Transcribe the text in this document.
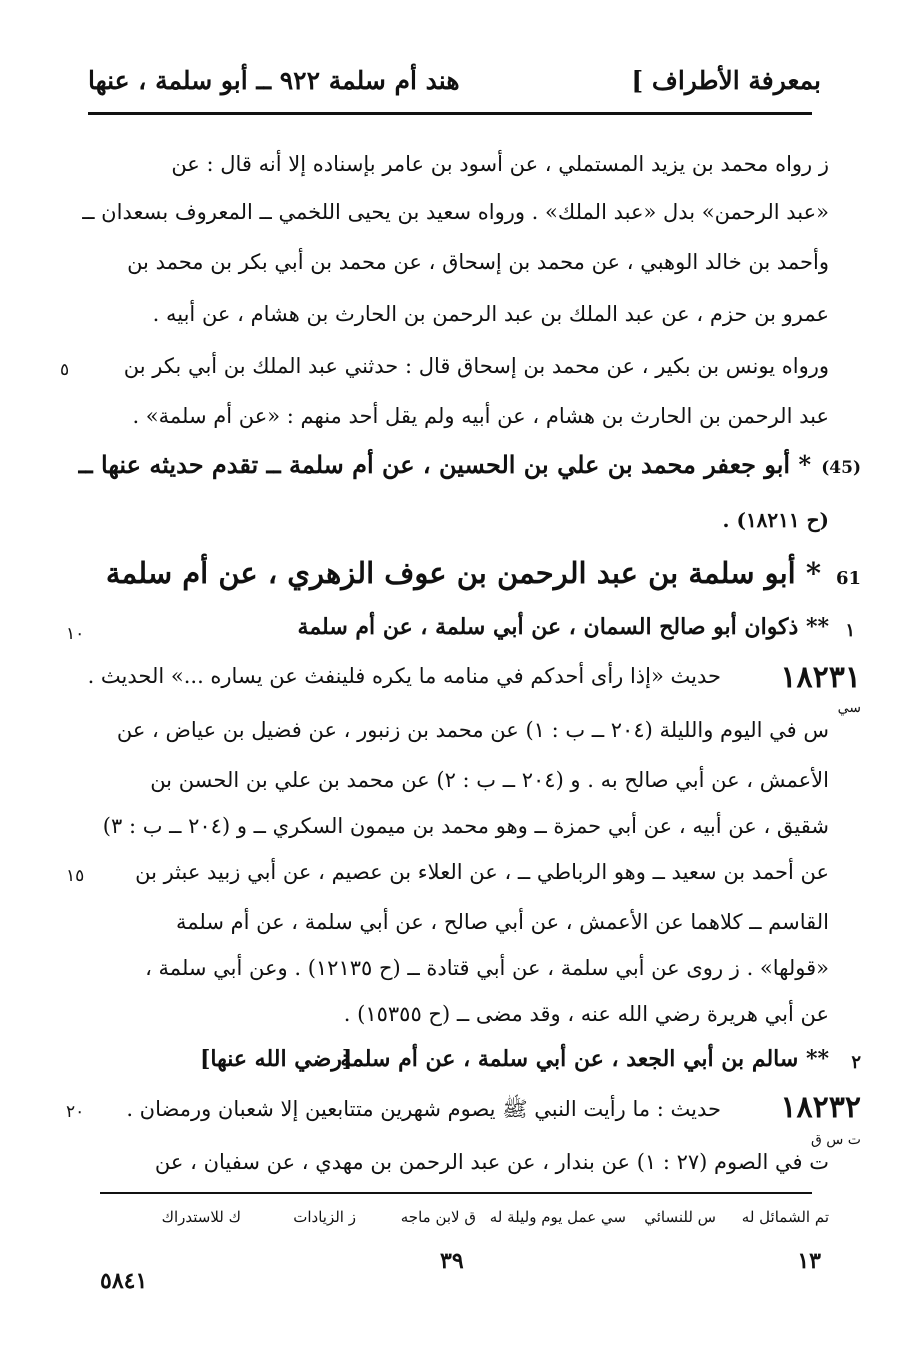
بمعرفة الأطراف ]
هند أم سلمة ٩٢٢ ــ أبو سلمة ، عنها
ز رواه محمد بن يزيد المستملي ، عن أسود بن عامر بإسناده إلا أنه قال : عن
«عبد الرحمن» بدل «عبد الملك» . ورواه سعيد بن يحيى اللخمي ــ المعروف بسعدان ــ
وأحمد بن خالد الوهبي ، عن محمد بن إسحاق ، عن محمد بن أبي بكر بن محمد بن
عمرو بن حزم ، عن عبد الملك بن عبد الرحمن بن الحارث بن هشام ، عن أبيه .
ورواه يونس بن بكير ، عن محمد بن إسحاق قال : حدثني عبد الملك بن أبي بكر بن
٥
عبد الرحمن بن الحارث بن هشام ، عن أبيه ولم يقل أحد منهم : «عن أم سلمة» .
(45)
* أبو جعفر محمد بن علي بن الحسين ، عن أم سلمة ــ تقدم حديثه عنها ــ
(ح ١٨٢١١) .
61
* أبو سلمة بن عبد الرحمن بن عوف الزهري ، عن أم سلمة
١
** ذكوان أبو صالح السمان ، عن أبي سلمة ، عن أم سلمة
١٠
١٨٢٣١
حديث «إذا رأى أحدكم في منامه ما يكره فلينفث عن يساره ...» الحديث .
سي
س في اليوم والليلة (٢٠٤ ــ ب : ١) عن محمد بن زنبور ، عن فضيل بن عياض ، عن
الأعمش ، عن أبي صالح به . و (٢٠٤ ــ ب : ٢) عن محمد بن علي بن الحسن بن
شقيق ، عن أبيه ، عن أبي حمزة ــ وهو محمد بن ميمون السكري ــ و (٢٠٤ ــ ب : ٣)
عن أحمد بن سعيد ــ وهو الرباطي ــ ، عن العلاء بن عصيم ، عن أبي زبيد عبثر بن
١٥
القاسم ــ كلاهما عن الأعمش ، عن أبي صالح ، عن أبي سلمة ، عن أم سلمة
«قولها» . ز روى عن أبي سلمة ، عن أبي قتادة ــ (ح ١٢١٣٥) . وعن أبي سلمة ،
عن أبي هريرة رضي الله عنه ، وقد مضى ــ (ح ١٥٣٥٥) .
٢
** سالم بن أبي الجعد ، عن أبي سلمة ، عن أم سلمة
[رضي الله عنها]
١٨٢٣٢
حديث : ما رأيت النبي ﷺ يصوم شهرين متتابعين إلا شعبان ورمضان .
٢٠
ت س ق
ت في الصوم (٢٧ : ١) عن بندار ، عن عبد الرحمن بن مهدي ، عن سفيان ، عن
تم الشمائل له
س للنسائي
سي عمل يوم وليلة له
ق لابن ماجه
ز الزيادات
ك للاستدراك
١٣
٣٩
٥٨٤١
